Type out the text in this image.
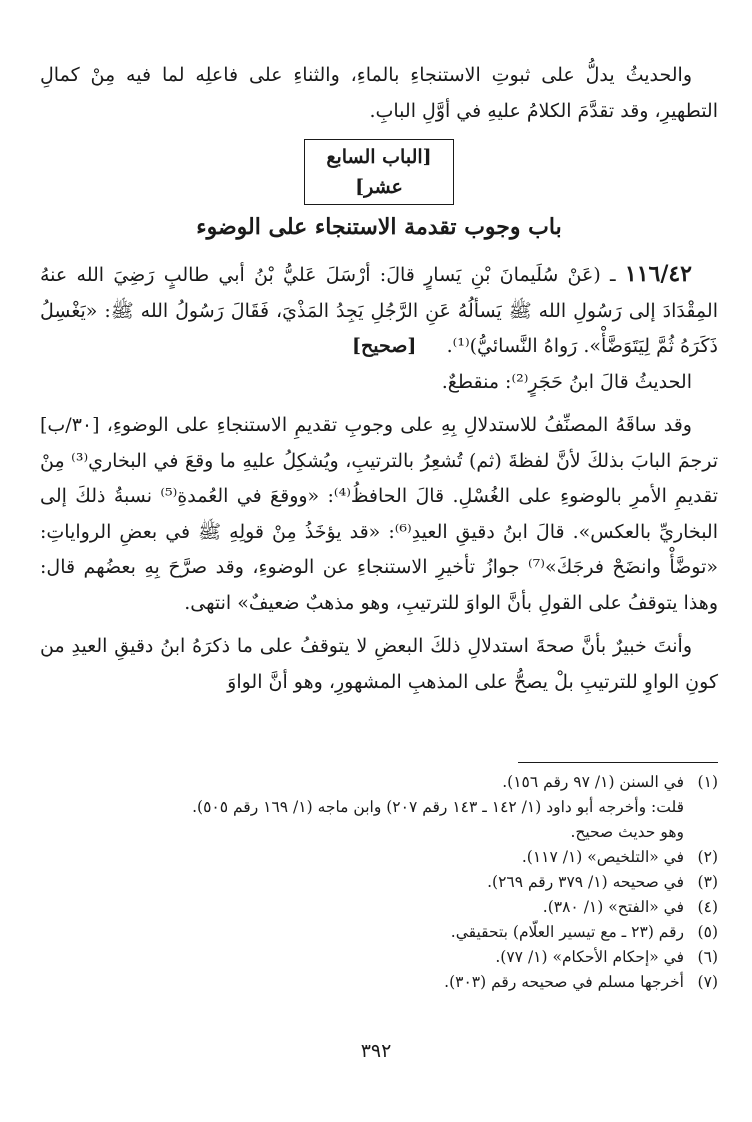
والحديثُ يدلُّ على ثبوتِ الاستنجاءِ بالماءِ، والثناءِ على فاعلِه لما فيه مِنْ كمالِ التطهيرِ، وقد تقدَّمَ الكلامُ عليهِ في أوَّلِ البابِ.

[الباب السابع عشر]
باب وجوب تقدمة الاستنجاء على الوضوء

١١٦/٤٢ ـ (عَنْ سُلَيمانَ بْنِ يَسارٍ قالَ: أرْسَلَ عَليُّ بْنُ أبي طالبٍ رَضِيَ الله عنهُ المِقْدَادَ إلى رَسُولِ الله ﷺ يَسألُهُ عَنِ الرَّجُلِ يَجِدُ المَذْيَ، فَقَالَ رَسُولُ الله ﷺ: «يَغْسِلُ ذَكَرَهُ ثُمَّ لِيَتَوَضَّأْ». رَواهُ النَّسائيُّ)⁽¹⁾.     [صحيح]

الحديثُ قالَ ابنُ حَجَرٍ⁽²⁾: منقطعٌ.

وقد ساقَهُ المصنِّفُ للاستدلالِ بِهِ على وجوبِ تقديمِ الاستنجاءِ على الوضوءِ، [٣٠/ب] ترجمَ البابَ بذلكَ لأنَّ لفظةَ (ثم) تُشعِرُ بالترتيبِ، ويُشكِلُ عليهِ ما وقعَ في البخاري⁽³⁾ مِنْ تقديمِ الأمرِ بالوضوءِ على الغُسْلِ. قالَ الحافظُ⁽⁴⁾: «ووقعَ في العُمدةِ⁽⁵⁾ نسبةُ ذلكَ إلى البخاريِّ بالعكس». قالَ ابنُ دقيقِ العيدِ⁽⁶⁾: «قد يؤخَذُ مِنْ قولِهِ ﷺ في بعضِ الرواياتِ: «توضَّأْ وانضَحْ فرجَكَ»⁽⁷⁾ جوازُ تأخيرِ الاستنجاءِ عن الوضوءِ، وقد صرَّحَ بِهِ بعضُهم قال: وهذا يتوقفُ على القولِ بأنَّ الواوَ للترتيبِ، وهو مذهبٌ ضعيفٌ» انتهى.

وأنتَ خبيرٌ بأنَّ صحةَ استدلالِ ذلكَ البعضِ لا يتوقفُ على ما ذكرَهُ ابنُ دقيقِ العيدِ من كونِ الواوِ للترتيبِ بلْ يصحُّ على المذهبِ المشهورِ، وهو أنَّ الواوَ

(١)
في السنن (١/ ٩٧ رقم ١٥٦).
قلت: وأخرجه أبو داود (١/ ١٤٢ ـ ١٤٣ رقم ٢٠٧) وابن ماجه (١/ ١٦٩ رقم ٥٠٥).
وهو حديث صحيح.
(٢)
في «التلخيص» (١/ ١١٧).
(٣)
في صحيحه (١/ ٣٧٩ رقم ٢٦٩).
(٤)
في «الفتح» (١/ ٣٨٠).
(٥)
رقم (٢٣ ـ مع تيسير العلّام) بتحقيقي.
(٦)
في «إحكام الأحكام» (١/ ٧٧).
(٧)
أخرجها مسلم في صحيحه رقم (٣٠٣).
٣٩٢
